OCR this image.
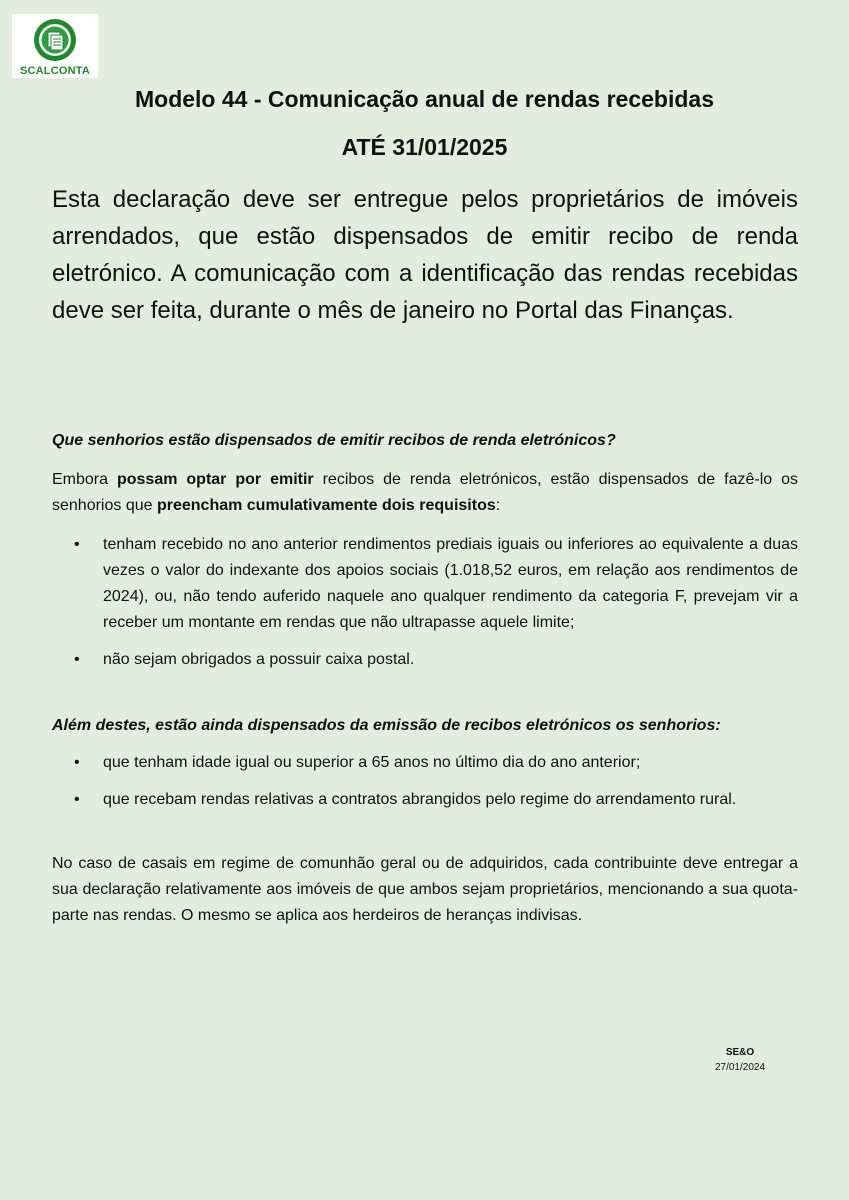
SCALCONTA
Modelo 44 - Comunicação anual de rendas recebidas
ATÉ 31/01/2025
Esta declaração deve ser entregue pelos proprietários de imóveis arrendados, que estão dispensados de emitir recibo de renda eletrónico. A comunicação com a identificação das rendas recebidas deve ser feita, durante o mês de janeiro no Portal das Finanças.
Que senhorios estão dispensados de emitir recibos de renda eletrónicos?
Embora possam optar por emitir recibos de renda eletrónicos, estão dispensados de fazê-lo os senhorios que preencham cumulativamente dois requisitos:
• tenham recebido no ano anterior rendimentos prediais iguais ou inferiores ao equivalente a duas vezes o valor do indexante dos apoios sociais (1.018,52 euros, em relação aos rendimentos de 2024), ou, não tendo auferido naquele ano qualquer rendimento da categoria F, prevejam vir a receber um montante em rendas que não ultrapasse aquele limite;
• não sejam obrigados a possuir caixa postal.
Além destes, estão ainda dispensados da emissão de recibos eletrónicos os senhorios:
• que tenham idade igual ou superior a 65 anos no último dia do ano anterior;
• que recebam rendas relativas a contratos abrangidos pelo regime do arrendamento rural.
No caso de casais em regime de comunhão geral ou de adquiridos, cada contribuinte deve entregar a sua declaração relativamente aos imóveis de que ambos sejam proprietários, mencionando a sua quota-parte nas rendas. O mesmo se aplica aos herdeiros de heranças indivisas.
SE&O
27/01/2024
